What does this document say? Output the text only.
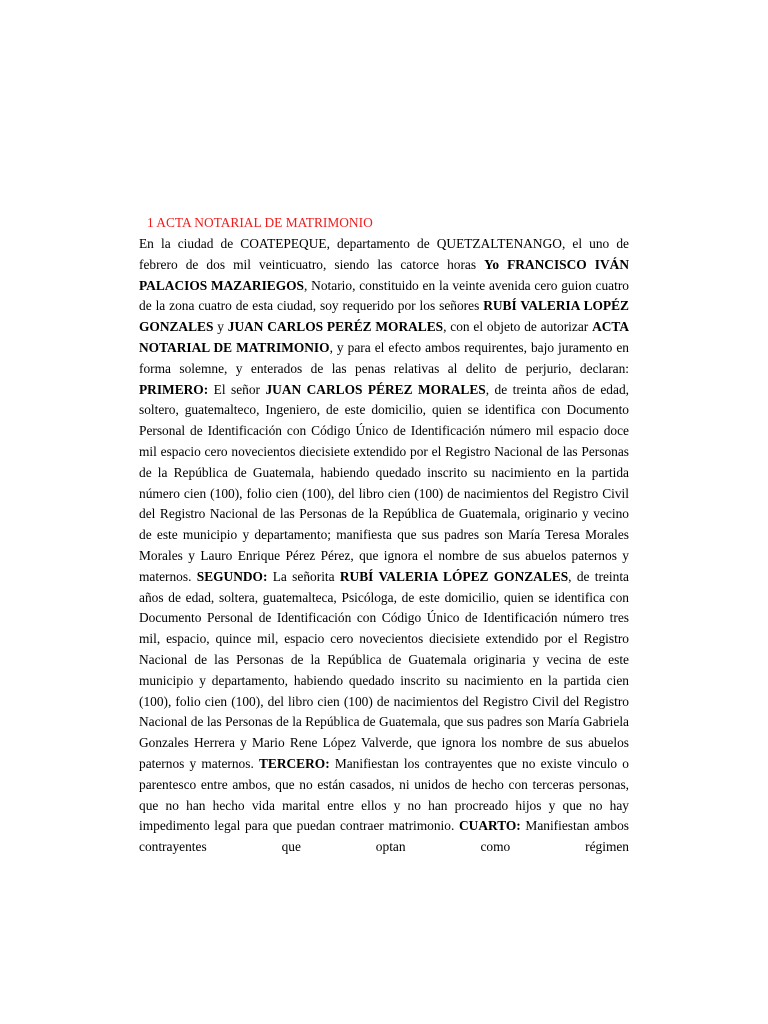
1 ACTA NOTARIAL DE MATRIMONIO

En la ciudad de COATEPEQUE, departamento de QUETZALTENANGO, el uno de febrero de dos mil veinticuatro, siendo las catorce horas Yo FRANCISCO IVÁN PALACIOS MAZARIEGOS, Notario, constituido en la veinte avenida cero guion cuatro de la zona cuatro de esta ciudad, soy requerido por los señores RUBÍ VALERIA LOPÉZ GONZALES y JUAN CARLOS PERÉZ MORALES, con el objeto de autorizar ACTA NOTARIAL DE MATRIMONIO, y para el efecto ambos requirentes, bajo juramento en forma solemne, y enterados de las penas relativas al delito de perjurio, declaran: PRIMERO: El señor JUAN CARLOS PÉREZ MORALES, de treinta años de edad, soltero, guatemalteco, Ingeniero, de este domicilio, quien se identifica con Documento Personal de Identificación con Código Único de Identificación número mil espacio doce mil espacio cero novecientos diecisiete extendido por el Registro Nacional de las Personas de la República de Guatemala, habiendo quedado inscrito su nacimiento en la partida número cien (100), folio cien (100), del libro cien (100) de nacimientos del Registro Civil del Registro Nacional de las Personas de la República de Guatemala, originario y vecino de este municipio y departamento; manifiesta que sus padres son María Teresa Morales Morales y Lauro Enrique Pérez Pérez, que ignora el nombre de sus abuelos paternos y maternos. SEGUNDO: La señorita RUBÍ VALERIA LÓPEZ GONZALES, de treinta años de edad, soltera, guatemalteca, Psicóloga, de este domicilio, quien se identifica con Documento Personal de Identificación con Código Único de Identificación número tres mil, espacio, quince mil, espacio cero novecientos diecisiete extendido por el Registro Nacional de las Personas de la República de Guatemala originaria y vecina de este municipio y departamento, habiendo quedado inscrito su nacimiento en la partida cien (100), folio cien (100), del libro cien (100) de nacimientos del Registro Civil del Registro Nacional de las Personas de la República de Guatemala, que sus padres son María Gabriela Gonzales Herrera y Mario Rene López Valverde, que ignora los nombre de sus abuelos paternos y maternos. TERCERO: Manifiestan los contrayentes que no existe vinculo o parentesco entre ambos, que no están casados, ni unidos de hecho con terceras personas, que no han hecho vida marital entre ellos y no han procreado hijos y que no hay impedimento legal para que puedan contraer matrimonio. CUARTO: Manifiestan ambos contrayentes que optan como régimen
